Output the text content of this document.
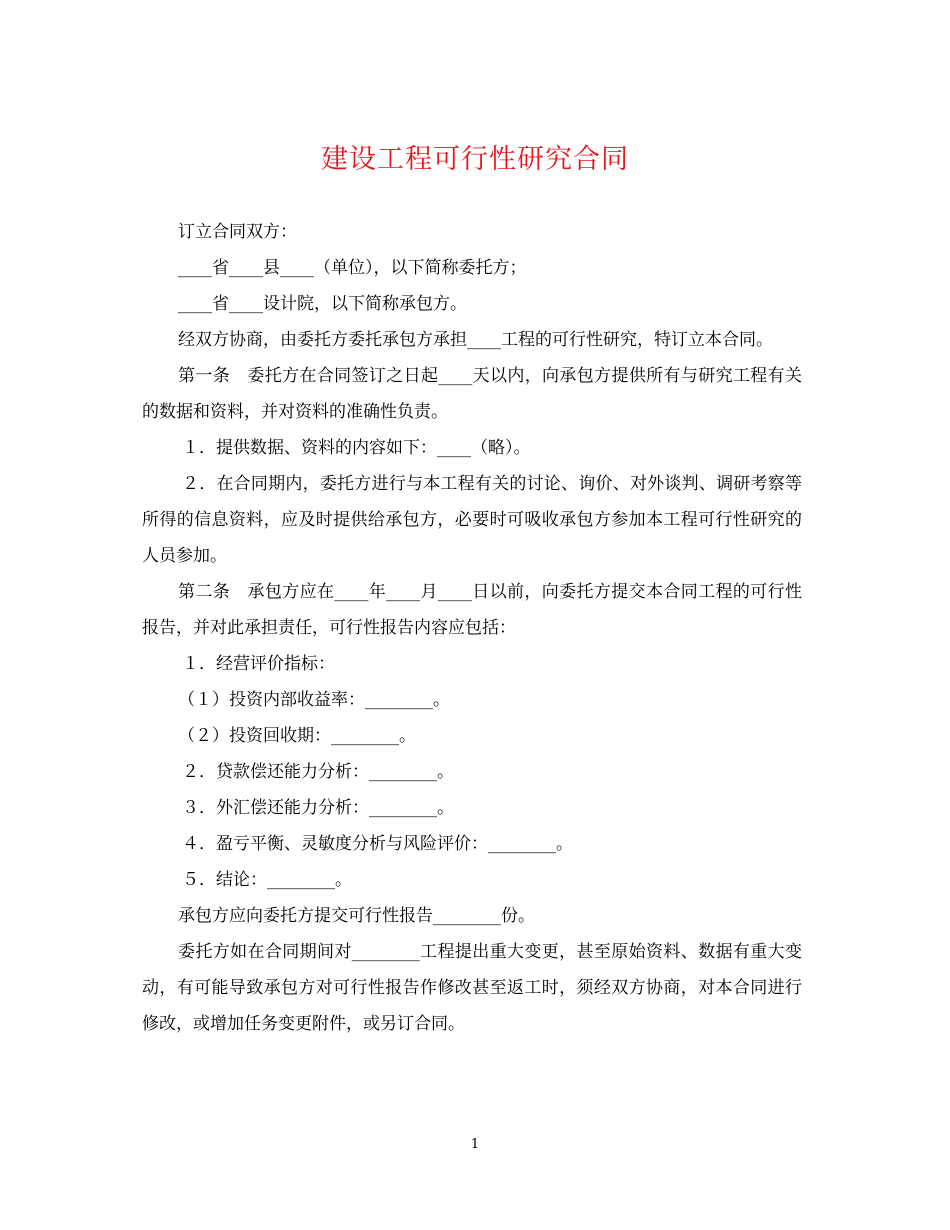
建设工程可行性研究合同

订立合同双方：

____省____县____（单位），以下简称委托方；

____省____设计院，以下简称承包方。

经双方协商，由委托方委托承包方承担____工程的可行性研究，特订立本合同。

第一条　委托方在合同签订之日起____天以内，向承包方提供所有与研究工程有关的数据和资料，并对资料的准确性负责。

１．提供数据、资料的内容如下：____（略）。

２．在合同期内，委托方进行与本工程有关的讨论、询价、对外谈判、调研考察等所得的信息资料，应及时提供给承包方，必要时可吸收承包方参加本工程可行性研究的人员参加。

第二条　承包方应在____年____月____日以前，向委托方提交本合同工程的可行性报告，并对此承担责任，可行性报告内容应包括：

１．经营评价指标：

（１）投资内部收益率：________。

（２）投资回收期：________。

２．贷款偿还能力分析：________。

３．外汇偿还能力分析：________。

４．盈亏平衡、灵敏度分析与风险评价：________。

５．结论：________。

承包方应向委托方提交可行性报告________份。

委托方如在合同期间对________工程提出重大变更，甚至原始资料、数据有重大变动，有可能导致承包方对可行性报告作修改甚至返工时，须经双方协商，对本合同进行修改，或增加任务变更附件，或另订合同。

1
